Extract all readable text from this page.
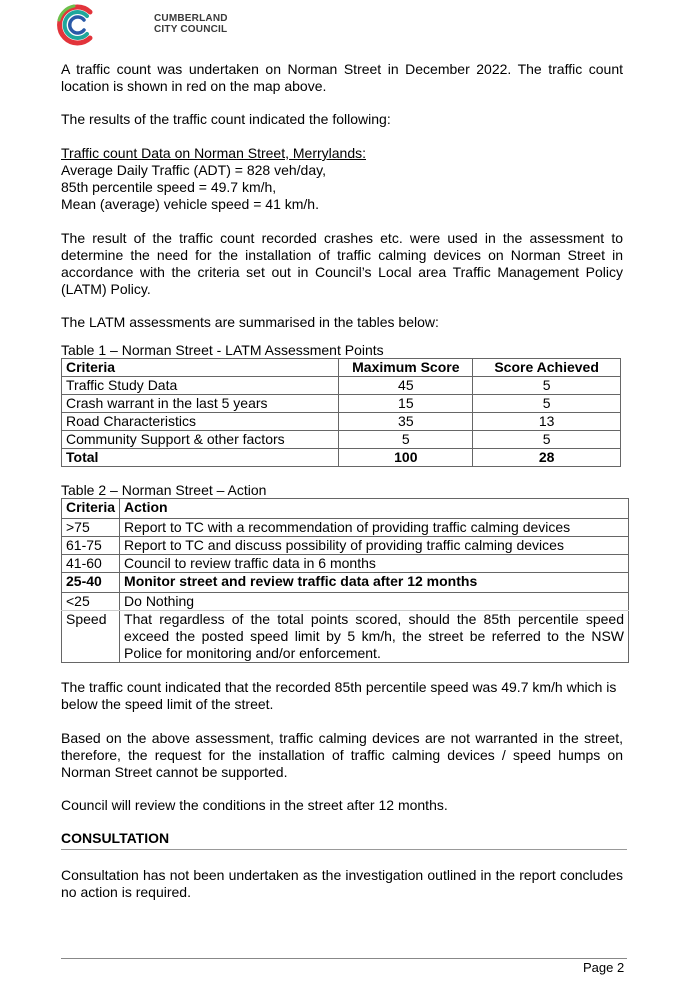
CUMBERLAND
CITY COUNCIL

A traffic count was undertaken on Norman Street in December 2022. The traffic count location is shown in red on the map above.

The results of the traffic count indicated the following:

Traffic count Data on Norman Street, Merrylands:

Average Daily Traffic (ADT) = 828 veh/day,

85th percentile speed = 49.7 km/h,

Mean (average) vehicle speed = 41 km/h.

The result of the traffic count recorded crashes etc. were used in the assessment to determine the need for the installation of traffic calming devices on Norman Street in accordance with the criteria set out in Council’s Local area Traffic Management Policy (LATM) Policy.

The LATM assessments are summarised in the tables below:

Table 1 – Norman Street - LATM Assessment Points
Criteria	Maximum Score	Score Achieved
Traffic Study Data	45	5
Crash warrant in the last 5 years	15	5
Road Characteristics	35	13
Community Support & other factors	5	5
Total	100	28
Table 2 – Norman Street – Action
Criteria	Action
>75	Report to TC with a recommendation of providing traffic calming devices
61-75	Report to TC and discuss possibility of providing traffic calming devices
41-60	Council to review traffic data in 6 months
25-40	Monitor street and review traffic data after 12 months
<25	Do Nothing
Speed	That regardless of the total points scored, should the 85th percentile speed exceed the posted speed limit by 5 km/h, the street be referred to the NSW Police for monitoring and/or enforcement.

The traffic count indicated that the recorded 85th percentile speed was 49.7 km/h which is below the speed limit of the street.

Based on the above assessment, traffic calming devices are not warranted in the street, therefore, the request for the installation of traffic calming devices / speed humps on Norman Street cannot be supported.

Council will review the conditions in the street after 12 months.

CONSULTATION

Consultation has not been undertaken as the investigation outlined in the report concludes no action is required.

Page 2
